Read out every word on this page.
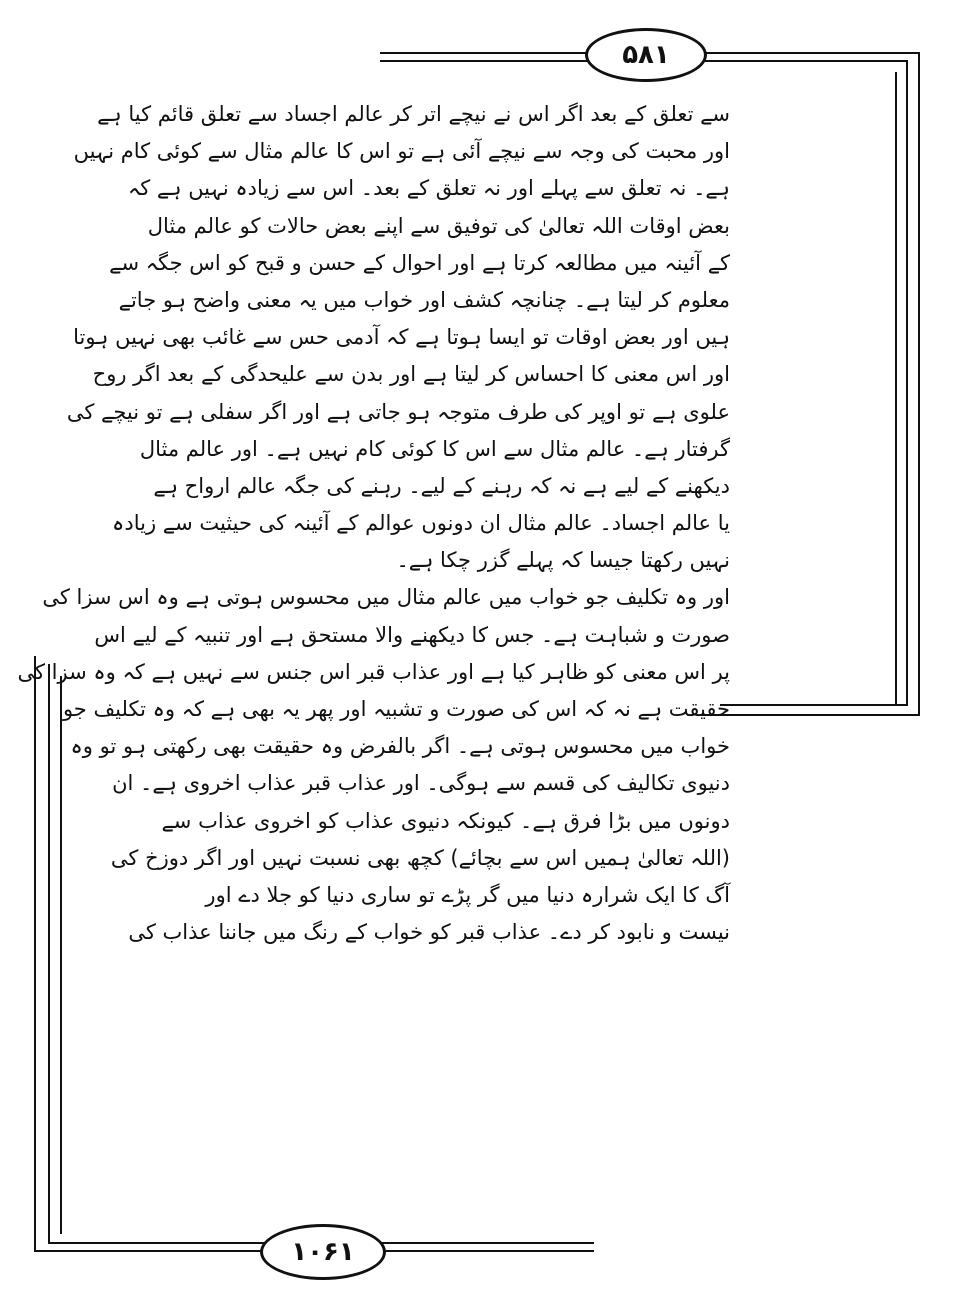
۵۸۱
۱۰۶۱
سے تعلق کے بعد اگر اس نے نیچے اتر کر عالم اجساد سے تعلق قائم کیا ہے
اور محبت کی وجہ سے نیچے آئی ہے تو اس کا عالم مثال سے کوئی کام نہیں
ہے۔ نہ تعلق سے پہلے اور نہ تعلق کے بعد۔ اس سے زیادہ نہیں ہے کہ
بعض اوقات اللہ تعالیٰ کی توفیق سے اپنے بعض حالات کو عالم مثال
کے آئینہ میں مطالعہ کرتا ہے اور احوال کے حسن و قبح کو اس جگہ سے
معلوم کر لیتا ہے۔ چنانچہ کشف اور خواب میں یہ معنی واضح ہو جاتے
ہیں اور بعض اوقات تو ایسا ہوتا ہے کہ آدمی حس سے غائب بھی نہیں ہوتا
اور اس معنی کا احساس کر لیتا ہے اور بدن سے علیحدگی کے بعد اگر روح
علوی ہے تو اوپر کی طرف متوجہ ہو جاتی ہے اور اگر سفلی ہے تو نیچے کی
گرفتار ہے۔ عالم مثال سے اس کا کوئی کام نہیں ہے۔ اور عالم مثال
دیکھنے کے لیے ہے نہ کہ رہنے کے لیے۔ رہنے کی جگہ عالم ارواح ہے
یا عالم اجساد۔ عالم مثال ان دونوں عوالم کے آئینہ کی حیثیت سے زیادہ
نہیں رکھتا جیسا کہ پہلے گزر چکا ہے۔
اور وہ تکلیف جو خواب میں عالم مثال میں محسوس ہوتی ہے وہ اس سزا کی
صورت و شباہت ہے۔ جس کا دیکھنے والا مستحق ہے اور تنبیہ کے لیے اس
پر اس معنی کو ظاہر کیا ہے اور عذاب قبر اس جنس سے نہیں ہے کہ وہ سزا کی
حقیقت ہے نہ کہ اس کی صورت و تشبیہ اور پھر یہ بھی ہے کہ وہ تکلیف جو
خواب میں محسوس ہوتی ہے۔ اگر بالفرض وہ حقیقت بھی رکھتی ہو تو وہ
دنیوی تکالیف کی قسم سے ہوگی۔ اور عذاب قبر عذاب اخروی ہے۔ ان
دونوں میں بڑا فرق ہے۔ کیونکہ دنیوی عذاب کو اخروی عذاب سے
(اللہ تعالیٰ ہمیں اس سے بچائے) کچھ بھی نسبت نہیں اور اگر دوزخ کی
آگ کا ایک شرارہ دنیا میں گر پڑے تو ساری دنیا کو جلا دے اور
نیست و نابود کر دے۔ عذاب قبر کو خواب کے رنگ میں جاننا عذاب کی
